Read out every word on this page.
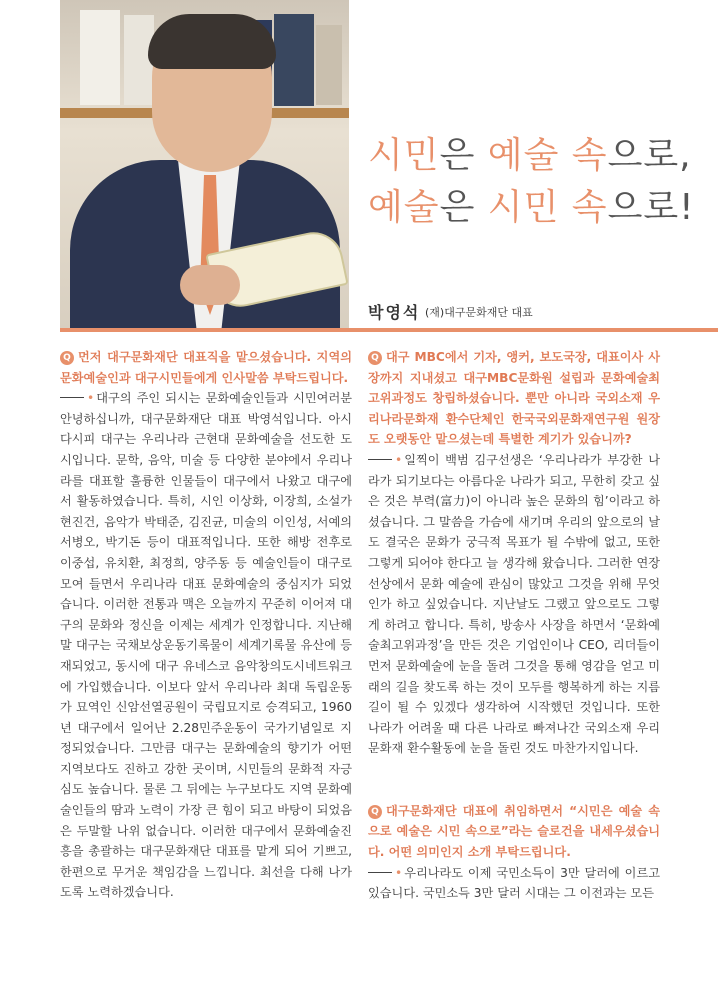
시민은 예술 속으로,
예술은 시민 속으로!
박영석 (재)대구문화재단 대표

Q 먼저 대구문화재단 대표직을 맡으셨습니다. 지역의 문화예술인과 대구시민들에게 인사말씀 부탁드립니다.

• 대구의 주인 되시는 문화예술인들과 시민여러분 안녕하십니까, 대구문화재단 대표 박영석입니다. 아시다시피 대구는 우리나라 근현대 문화예술을 선도한 도시입니다. 문학, 음악, 미술 등 다양한 분야에서 우리나라를 대표할 훌륭한 인물들이 대구에서 나왔고 대구에서 활동하였습니다. 특히, 시인 이상화, 이장희, 소설가 현진건, 음악가 박태준, 김진균, 미술의 이인성, 서예의 서병오, 박기돈 등이 대표적입니다. 또한 해방 전후로 이중섭, 유치환, 최정희, 양주동 등 예술인들이 대구로 모여 들면서 우리나라 대표 문화예술의 중심지가 되었습니다. 이러한 전통과 맥은 오늘까지 꾸준히 이어져 대구의 문화와 정신을 이제는 세계가 인정합니다. 지난해 말 대구는 국채보상운동기록물이 세계기록물 유산에 등재되었고, 동시에 대구 유네스코 음악창의도시네트워크에 가입했습니다. 이보다 앞서 우리나라 최대 독립운동가 묘역인 신암선열공원이 국립묘지로 승격되고, 1960년 대구에서 일어난 2.28민주운동이 국가기념일로 지정되었습니다. 그만큼 대구는 문화예술의 향기가 어떤 지역보다도 진하고 강한 곳이며, 시민들의 문화적 자긍심도 높습니다. 물론 그 뒤에는 누구보다도 지역 문화예술인들의 땀과 노력이 가장 큰 힘이 되고 바탕이 되었음은 두말할 나위 없습니다. 이러한 대구에서 문화예술진흥을 총괄하는 대구문화재단 대표를 맡게 되어 기쁘고, 한편으로 무거운 책임감을 느낍니다. 최선을 다해 나가도록 노력하겠습니다.

Q 대구 MBC에서 기자, 앵커, 보도국장, 대표이사 사장까지 지내셨고 대구MBC문화원 설립과 문화예술최고위과정도 창립하셨습니다. 뿐만 아니라 국외소재 우리나라문화재 환수단체인 한국국외문화재연구원 원장도 오랫동안 맡으셨는데 특별한 계기가 있습니까?

• 일찍이 백범 김구선생은 ‘우리나라가 부강한 나라가 되기보다는 아름다운 나라가 되고, 무한히 갖고 싶은 것은 부력(富力)이 아니라 높은 문화의 힘’이라고 하셨습니다. 그 말씀을 가슴에 새기며 우리의 앞으로의 날도 결국은 문화가 궁극적 목표가 될 수밖에 없고, 또한 그렇게 되어야 한다고 늘 생각해 왔습니다. 그러한 연장선상에서 문화 예술에 관심이 많았고 그것을 위해 무엇인가 하고 싶었습니다. 지난날도 그랬고 앞으로도 그렇게 하려고 합니다. 특히, 방송사 사장을 하면서 ‘문화예술최고위과정’을 만든 것은 기업인이나 CEO, 리더들이 먼저 문화예술에 눈을 돌려 그것을 통해 영감을 얻고 미래의 길을 찾도록 하는 것이 모두를 행복하게 하는 지름길이 될 수 있겠다 생각하여 시작했던 것입니다. 또한 나라가 어려울 때 다른 나라로 빠져나간 국외소재 우리문화재 환수활동에 눈을 돌린 것도 마찬가지입니다.

Q 대구문화재단 대표에 취임하면서 “시민은 예술 속으로 예술은 시민 속으로”라는 슬로건을 내세우셨습니다. 어떤 의미인지 소개 부탁드립니다.

• 우리나라도 이제 국민소득이 3만 달러에 이르고 있습니다. 국민소득 3만 달러 시대는 그 이전과는 모든
